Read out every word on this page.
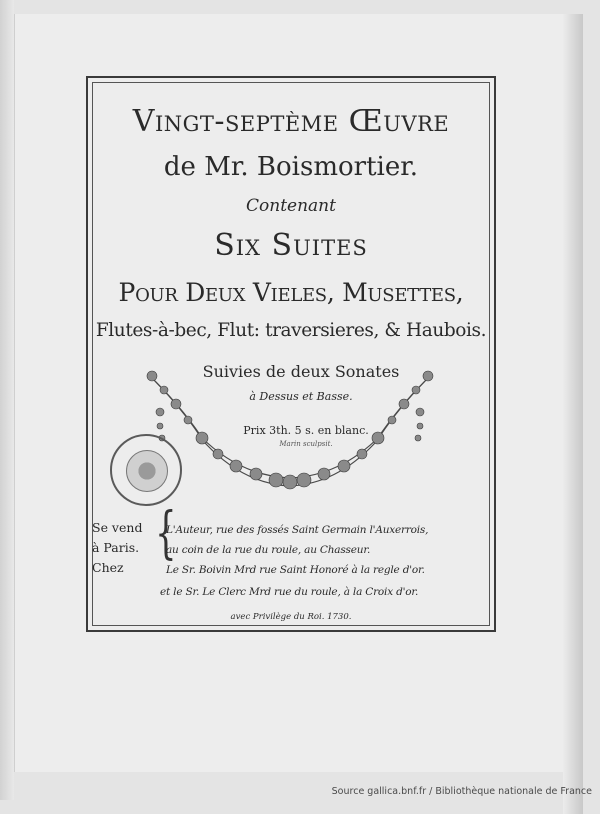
Vingt-septème Œuvre
de Mr. Boismortier.
Contenant
Six Suites
Pour Deux Vieles, Musettes,
Flutes-à-bec, Flut: traversieres, & Haubois.
Suivies de deux Sonates
à Dessus et Basse.
Prix 3th. 5 s. en blanc.
Marin sculpsit.
Se vend
à Paris.
Chez
{
L'Auteur, rue des fossés Saint Germain l'Auxerrois,
au coin de la rue du roule, au Chasseur.
Le Sr. Boivin Mrd rue Saint Honoré à la regle d'or.
et le Sr. Le Clerc Mrd rue du roule, à la Croix d'or.
avec Privilège du Roi. 1730.
Source gallica.bnf.fr / Bibliothèque nationale de France
